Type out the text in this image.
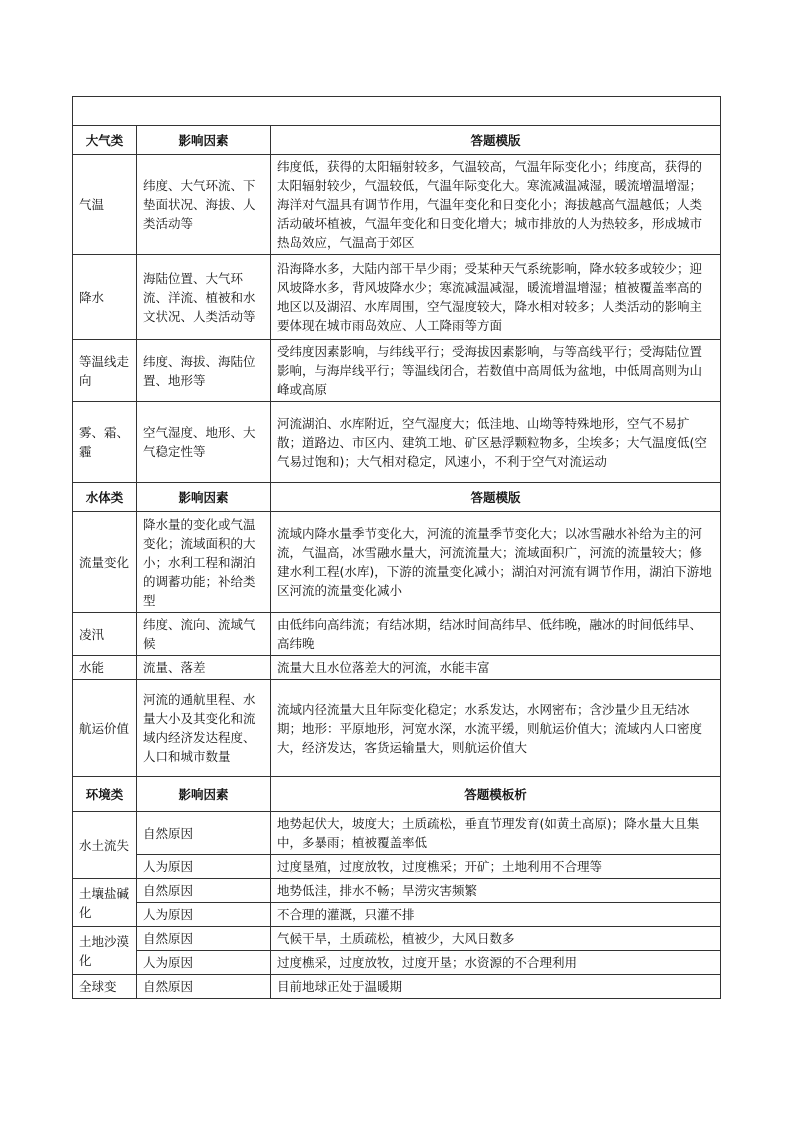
大气类	影响因素	答题模版
气温	纬度、大气环流、下垫面状况、海拔、人类活动等	纬度低，获得的太阳辐射较多，气温较高，气温年际变化小；纬度高，获得的太阳辐射较少，气温较低，气温年际变化大。寒流减温减湿，暖流增温增湿；海洋对气温具有调节作用，气温年变化和日变化小；海拔越高气温越低；人类活动破坏植被，气温年变化和日变化增大；城市排放的人为热较多，形成城市热岛效应，气温高于郊区
降水	海陆位置、大气环流、洋流、植被和水文状况、人类活动等	沿海降水多，大陆内部干旱少雨；受某种天气系统影响，降水较多或较少；迎风坡降水多，背风坡降水少；寒流减温减湿，暖流增温增湿；植被覆盖率高的地区以及湖沼、水库周围，空气湿度较大，降水相对较多；人类活动的影响主要体现在城市雨岛效应、人工降雨等方面
等温线走向	纬度、海拔、海陆位置、地形等	受纬度因素影响，与纬线平行；受海拔因素影响，与等高线平行；受海陆位置影响，与海岸线平行；等温线闭合，若数值中高周低为盆地，中低周高则为山峰或高原
雾、霜、霾	空气湿度、地形、大气稳定性等	河流湖泊、水库附近，空气湿度大；低洼地、山坳等特殊地形，空气不易扩散；道路边、市区内、建筑工地、矿区悬浮颗粒物多，尘埃多；大气温度低(空气易过饱和)；大气相对稳定，风速小，不利于空气对流运动
水体类	影响因素	答题模版
流量变化	降水量的变化或气温变化；流域面积的大小；水利工程和湖泊的调蓄功能；补给类型	流域内降水量季节变化大，河流的流量季节变化大；以冰雪融水补给为主的河流，气温高，冰雪融水量大，河流流量大；流域面积广，河流的流量较大；修建水利工程(水库)，下游的流量变化减小；湖泊对河流有调节作用，湖泊下游地区河流的流量变化减小
凌汛	纬度、流向、流域气候	由低纬向高纬流；有结冰期，结冰时间高纬早、低纬晚，融冰的时间低纬早、高纬晚
水能	流量、落差	流量大且水位落差大的河流，水能丰富
航运价值	河流的通航里程、水量大小及其变化和流域内经济发达程度、人口和城市数量	流域内径流量大且年际变化稳定；水系发达，水网密布；含沙量少且无结冰期；地形：平原地形，河宽水深，水流平缓，则航运价值大；流域内人口密度大，经济发达，客货运输量大，则航运价值大
环境类	影响因素	答题模板析
水土流失	自然原因	地势起伏大，坡度大；土质疏松，垂直节理发育(如黄土高原)；降水量大且集中，多暴雨；植被覆盖率低
	人为原因	过度垦殖，过度放牧，过度樵采；开矿；土地利用不合理等
土壤盐碱化	自然原因	地势低洼，排水不畅；旱涝灾害频繁
	人为原因	不合理的灌溉，只灌不排
土地沙漠化	自然原因	气候干旱，土质疏松，植被少，大风日数多
	人为原因	过度樵采，过度放牧，过度开垦；水资源的不合理利用
全球变	自然原因	目前地球正处于温暖期
